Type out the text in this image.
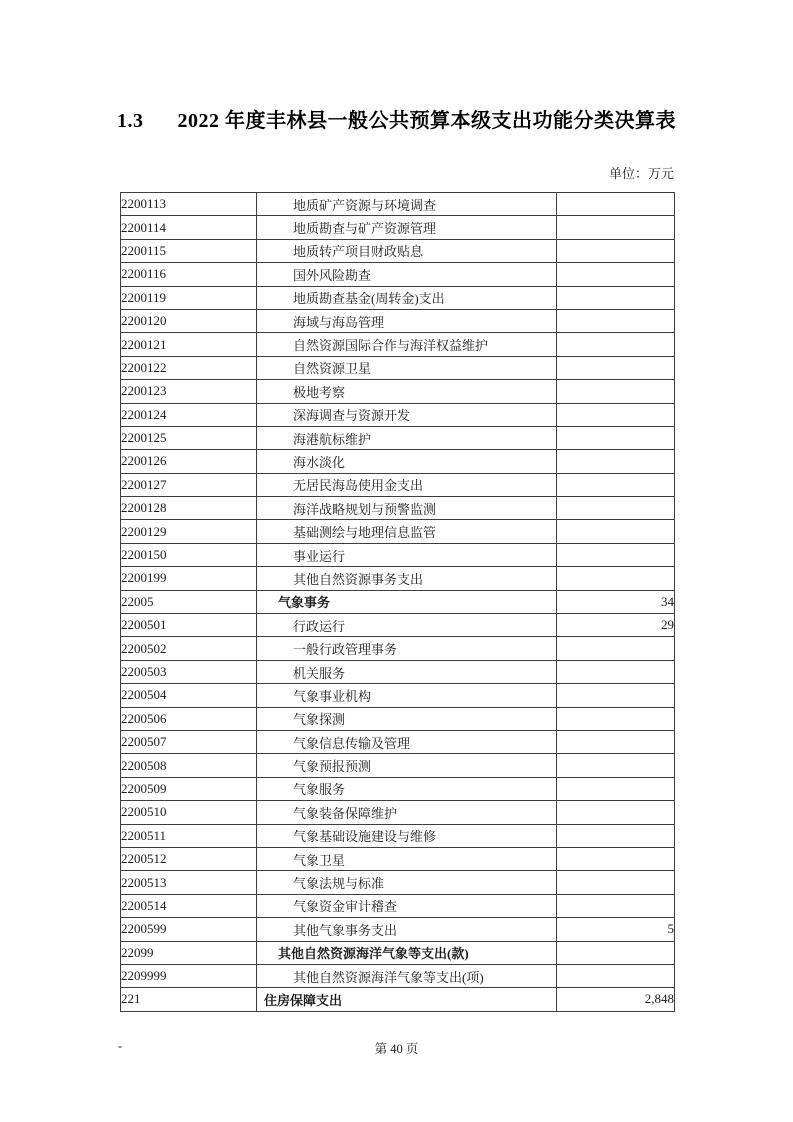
1.3 2022 年度丰林县一般公共预算本级支出功能分类决算表
单位：万元
2200113	地质矿产资源与环境调查	
2200114	地质勘查与矿产资源管理	
2200115	地质转产项目财政贴息	
2200116	国外风险勘查	
2200119	地质勘查基金(周转金)支出	
2200120	海域与海岛管理	
2200121	自然资源国际合作与海洋权益维护	
2200122	自然资源卫星	
2200123	极地考察	
2200124	深海调查与资源开发	
2200125	海港航标维护	
2200126	海水淡化	
2200127	无居民海岛使用金支出	
2200128	海洋战略规划与预警监测	
2200129	基础测绘与地理信息监管	
2200150	事业运行	
2200199	其他自然资源事务支出	
22005	气象事务	34
2200501	行政运行	29
2200502	一般行政管理事务	
2200503	机关服务	
2200504	气象事业机构	
2200506	气象探测	
2200507	气象信息传输及管理	
2200508	气象预报预测	
2200509	气象服务	
2200510	气象装备保障维护	
2200511	气象基础设施建设与维修	
2200512	气象卫星	
2200513	气象法规与标准	
2200514	气象资金审计稽查	
2200599	其他气象事务支出	5
22099	其他自然资源海洋气象等支出(款)	
2209999	其他自然资源海洋气象等支出(项)	
221	住房保障支出	2,848
-	第 40 页
